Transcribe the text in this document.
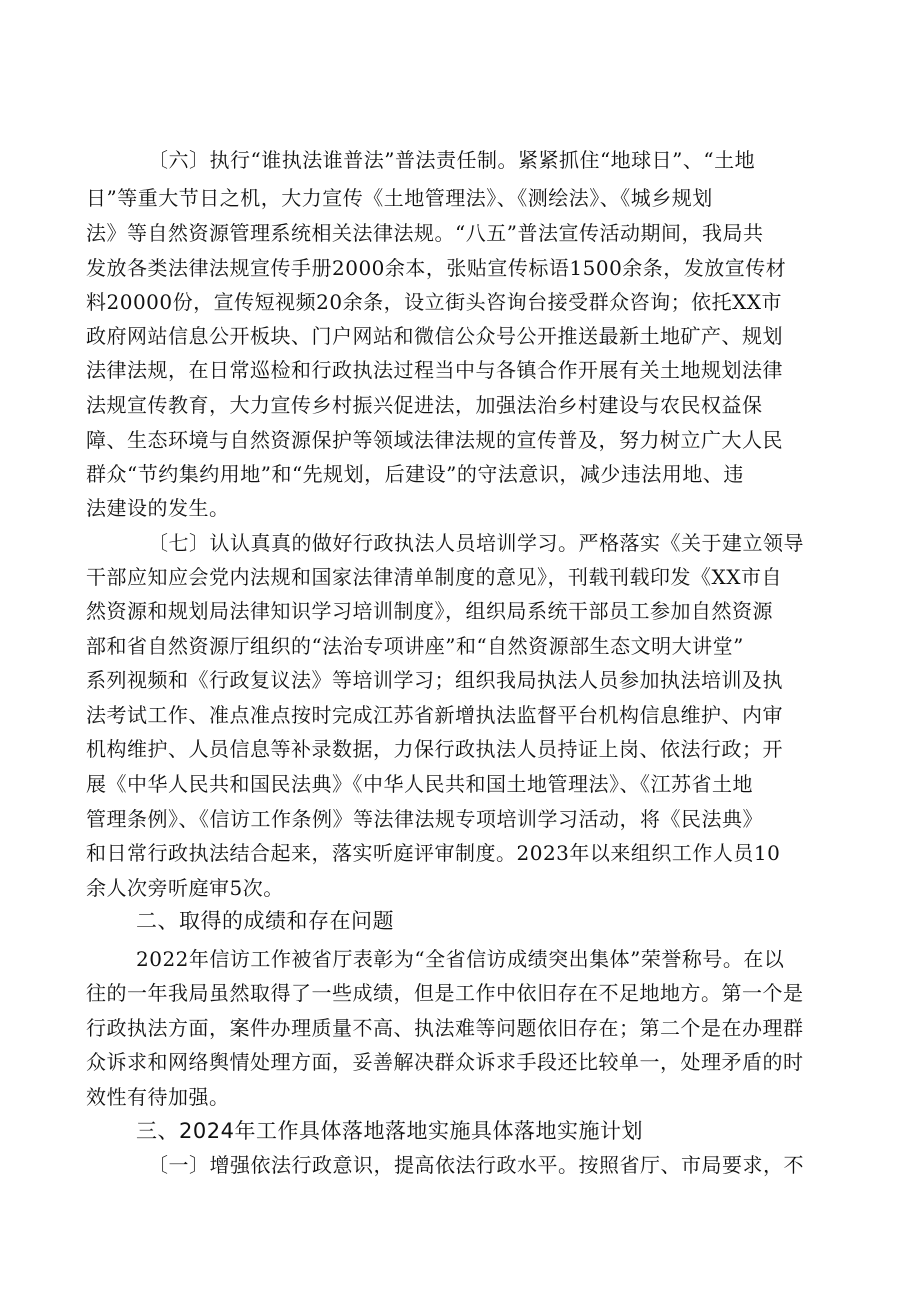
〔六〕执行“谁执法谁普法”普法责任制。紧紧抓住“地球日”、“土地
日”等重大节日之机，大力宣传《土地管理法》、《测绘法》、《城乡规划
法》等自然资源管理系统相关法律法规。“八五”普法宣传活动期间，我局共
发放各类法律法规宣传手册2000余本，张贴宣传标语1500余条，发放宣传材
料20000份，宣传短视频20余条，设立街头咨询台接受群众咨询；依托XX市
政府网站信息公开板块、门户网站和微信公众号公开推送最新土地矿产、规划
法律法规，在日常巡检和行政执法过程当中与各镇合作开展有关土地规划法律
法规宣传教育，大力宣传乡村振兴促进法，加强法治乡村建设与农民权益保
障、生态环境与自然资源保护等领域法律法规的宣传普及，努力树立广大人民
群众“节约集约用地”和“先规划，后建设”的守法意识，减少违法用地、违
法建设的发生。
〔七〕认认真真的做好行政执法人员培训学习。严格落实《关于建立领导
干部应知应会党内法规和国家法律清单制度的意见》，刊载刊载印发《XX市自
然资源和规划局法律知识学习培训制度》，组织局系统干部员工参加自然资源
部和省自然资源厅组织的“法治专项讲座”和“自然资源部生态文明大讲堂”
系列视频和《行政复议法》等培训学习；组织我局执法人员参加执法培训及执
法考试工作、准点准点按时完成江苏省新增执法监督平台机构信息维护、内审
机构维护、人员信息等补录数据，力保行政执法人员持证上岗、依法行政；开
展《中华人民共和国民法典》《中华人民共和国土地管理法》、《江苏省土地
管理条例》、《信访工作条例》等法律法规专项培训学习活动，将《民法典》
和日常行政执法结合起来，落实听庭评审制度。2023年以来组织工作人员10
余人次旁听庭审5次。
二、取得的成绩和存在问题
2022年信访工作被省厅表彰为“全省信访成绩突出集体”荣誉称号。在以
往的一年我局虽然取得了一些成绩，但是工作中依旧存在不足地地方。第一个是
行政执法方面，案件办理质量不高、执法难等问题依旧存在；第二个是在办理群
众诉求和网络舆情处理方面，妥善解决群众诉求手段还比较单一，处理矛盾的时
效性有待加强。
三、2024年工作具体落地落地实施具体落地实施计划
〔一〕增强依法行政意识，提高依法行政水平。按照省厅、市局要求，不
